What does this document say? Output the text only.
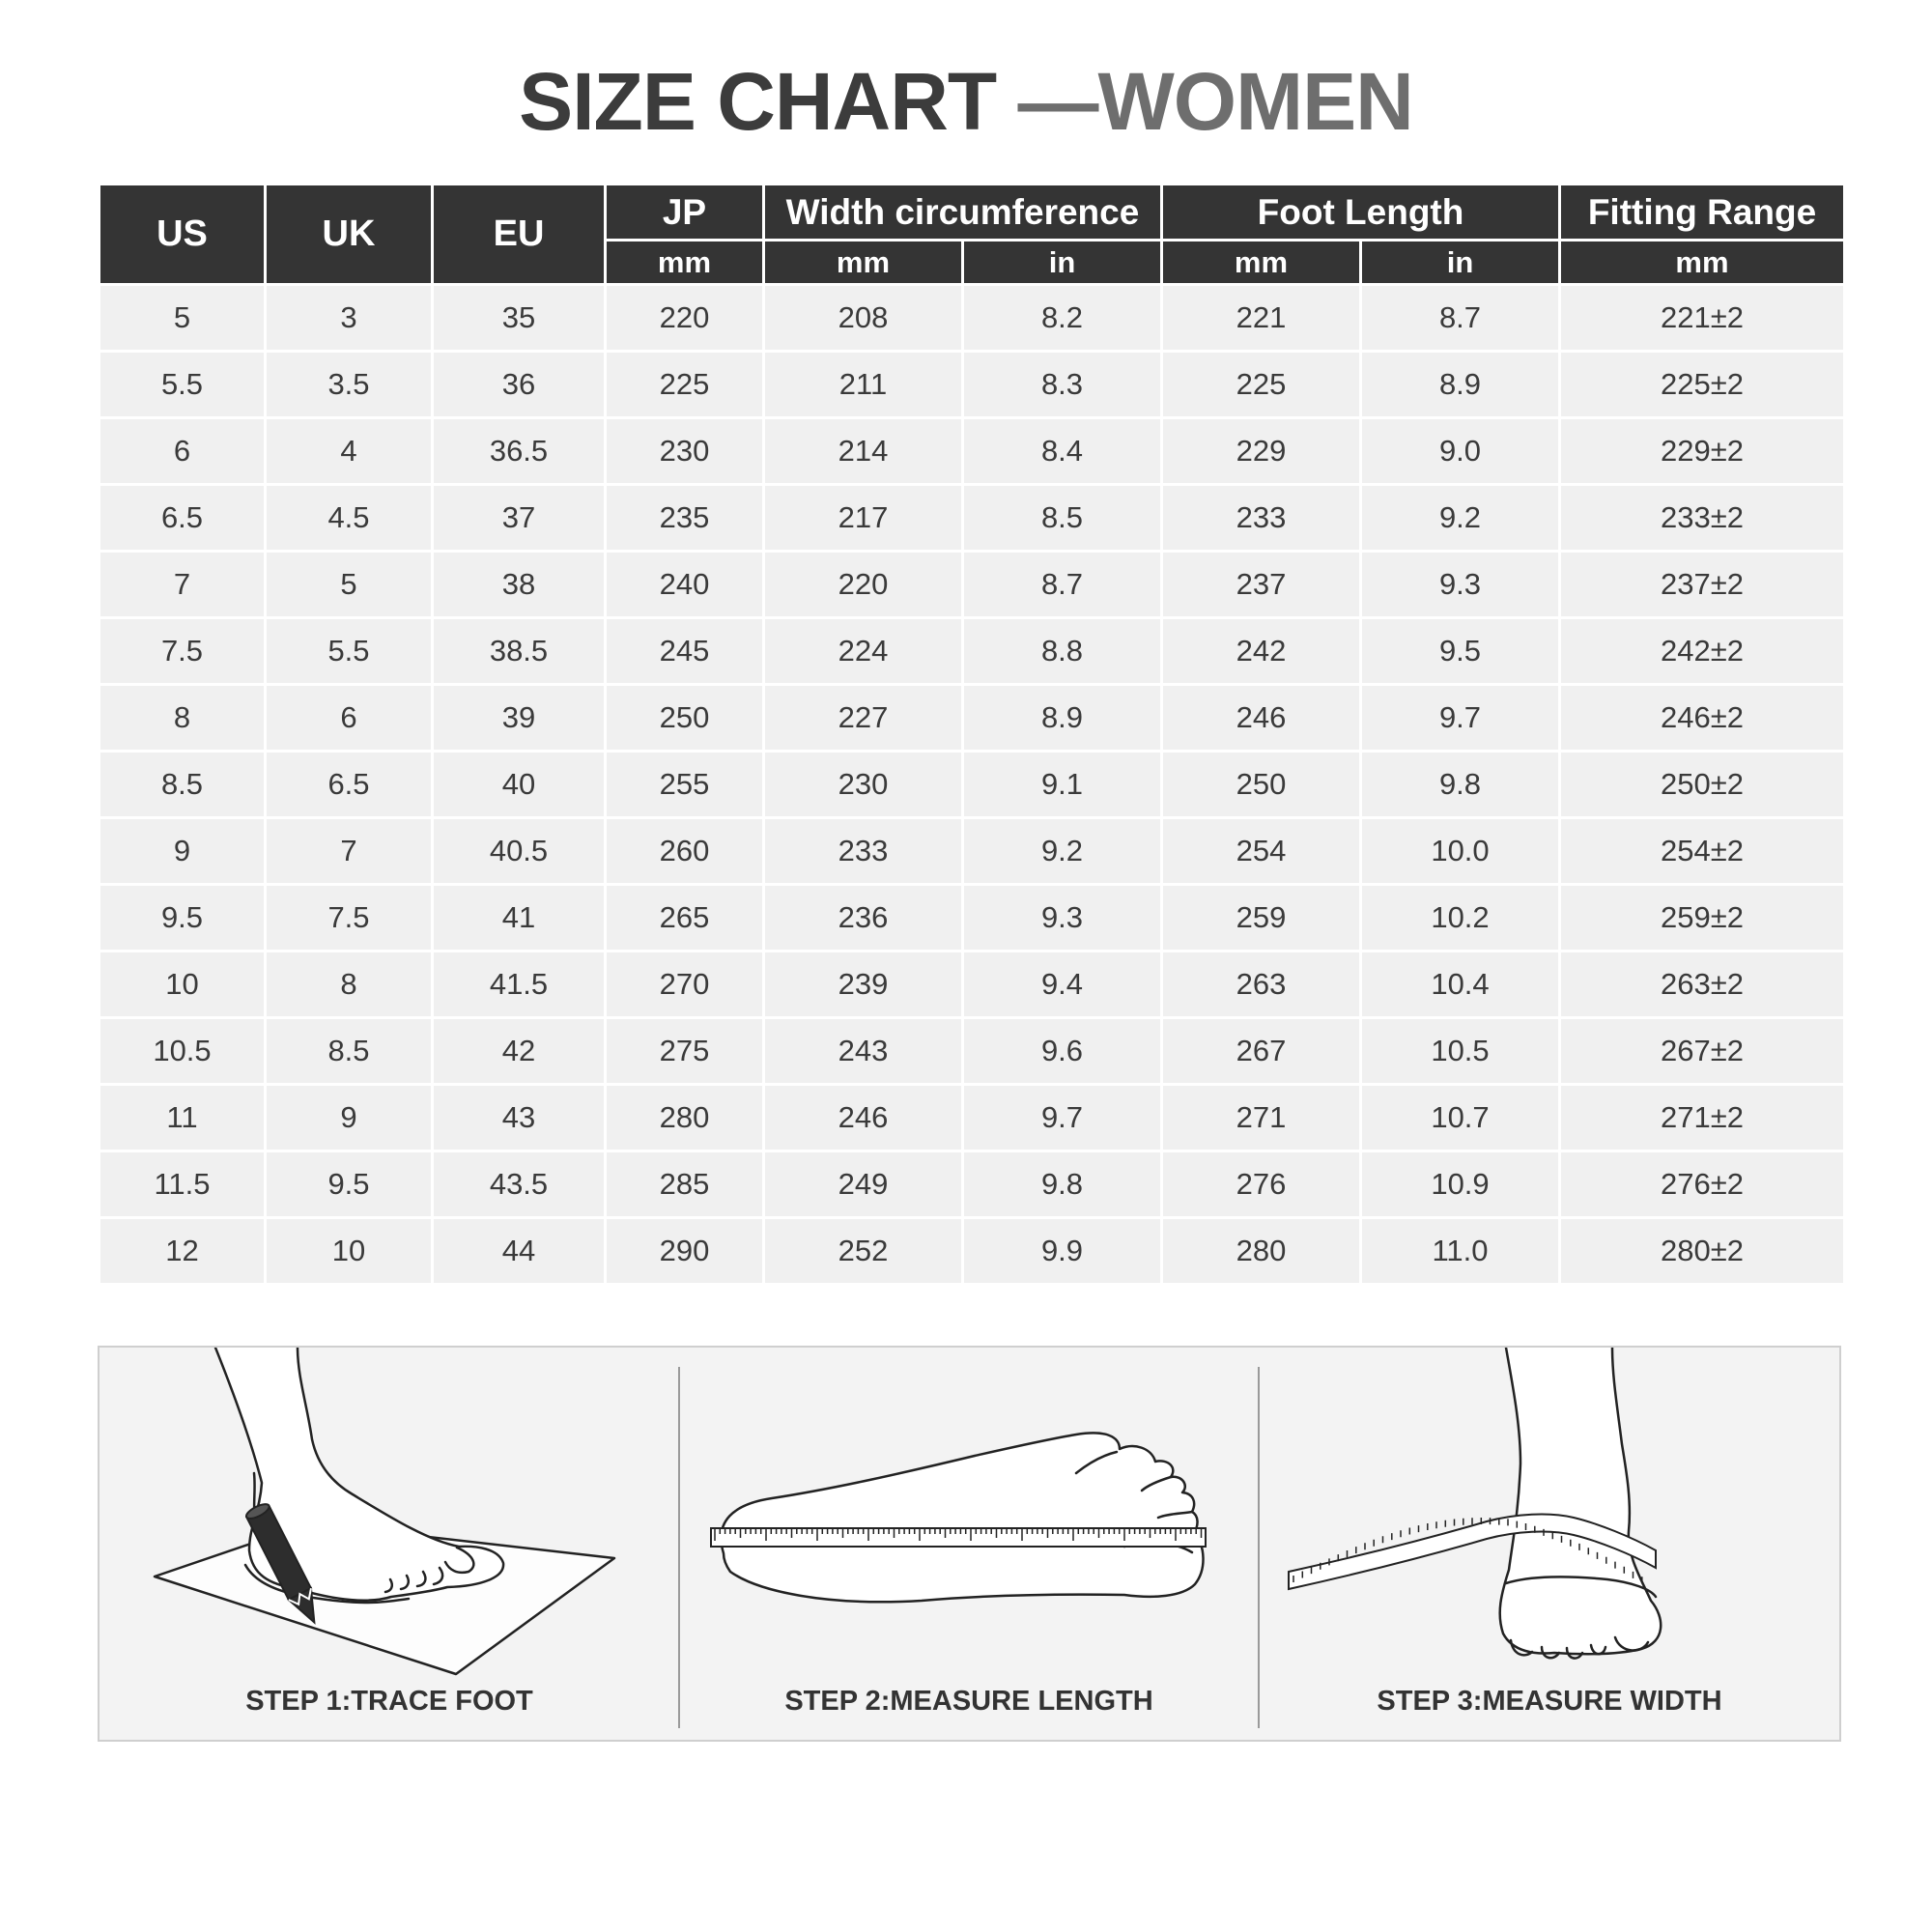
SIZE CHART —WOMEN
US	UK	EU	JP	Width circumference		Foot Length		Fitting Range
			mm	mm	in	mm	in	mm
5	3	35	220	208	8.2	221	8.7	221±2
5.5	3.5	36	225	211	8.3	225	8.9	225±2
6	4	36.5	230	214	8.4	229	9.0	229±2
6.5	4.5	37	235	217	8.5	233	9.2	233±2
7	5	38	240	220	8.7	237	9.3	237±2
7.5	5.5	38.5	245	224	8.8	242	9.5	242±2
8	6	39	250	227	8.9	246	9.7	246±2
8.5	6.5	40	255	230	9.1	250	9.8	250±2
9	7	40.5	260	233	9.2	254	10.0	254±2
9.5	7.5	41	265	236	9.3	259	10.2	259±2
10	8	41.5	270	239	9.4	263	10.4	263±2
10.5	8.5	42	275	243	9.6	267	10.5	267±2
11	9	43	280	246	9.7	271	10.7	271±2
11.5	9.5	43.5	285	249	9.8	276	10.9	276±2
12	10	44	290	252	9.9	280	11.0	280±2
STEP 1:TRACE FOOT	STEP 2:MEASURE LENGTH	STEP 3:MEASURE WIDTH
